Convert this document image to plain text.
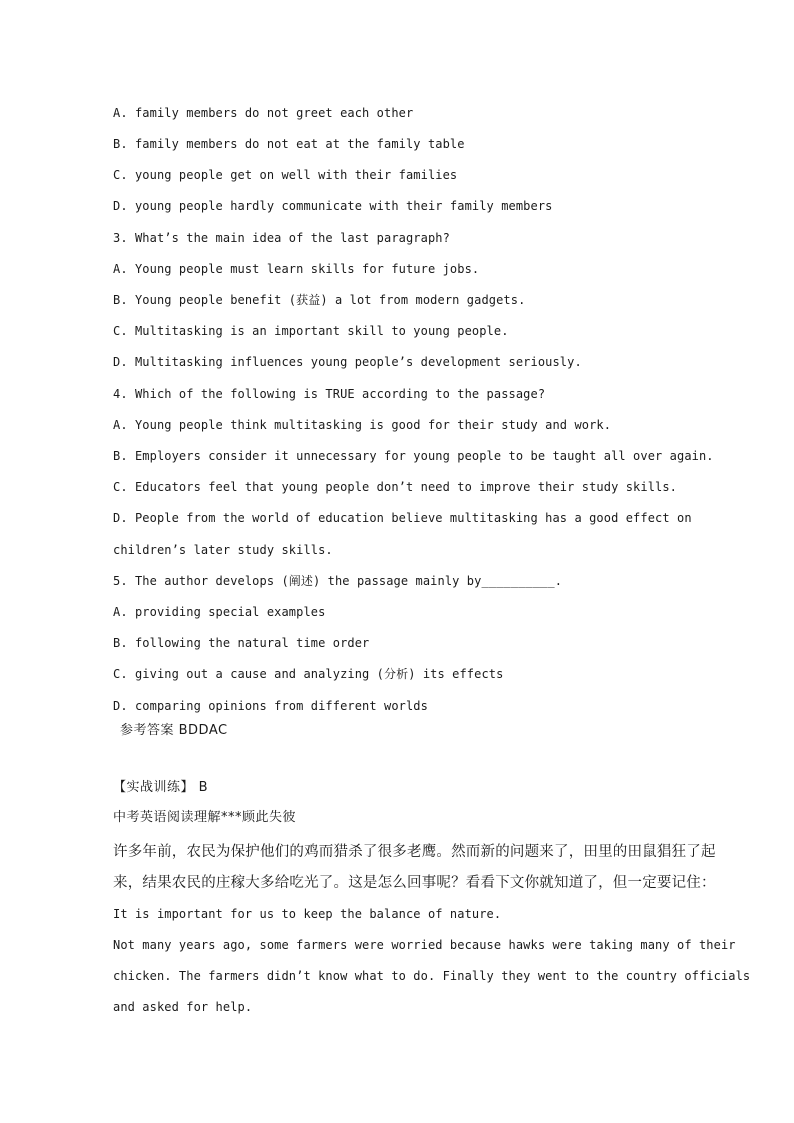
A. family members do not greet each other
B. family members do not eat at the family table
C. young people get on well with their families
D. young people hardly communicate with their family members
3. What’s the main idea of the last paragraph?
A. Young people must learn skills for future jobs.
B. Young people benefit (获益) a lot from modern gadgets.
C. Multitasking is an important skill to young people.
D. Multitasking influences young people’s development seriously.
4. Which of the following is TRUE according to the passage?
A. Young people think multitasking is good for their study and work.
B. Employers consider it unnecessary for young people to be taught all over again.
C. Educators feel that young people don’t need to improve their study skills.
D. People from the world of education believe multitasking has a good effect on
children’s later study skills.
5. The author develops (阐述) the passage mainly by__________.
A. providing special examples
B. following the natural time order
C. giving out a cause and analyzing (分析) its effects
D. comparing opinions from different worlds
参考答案 BDDAC
【实战训练】 B
中考英语阅读理解***顾此失彼
许多年前，农民为保护他们的鸡而猎杀了很多老鹰。然而新的问题来了，田里的田鼠猖狂了起
来，结果农民的庄稼大多给吃光了。这是怎么回事呢？看看下文你就知道了，但一定要记住：
It is important for us to keep the balance of nature.
Not many years ago, some farmers were worried because hawks were taking many of their
chicken. The farmers didn’t know what to do. Finally they went to the country officials
and asked for help.
